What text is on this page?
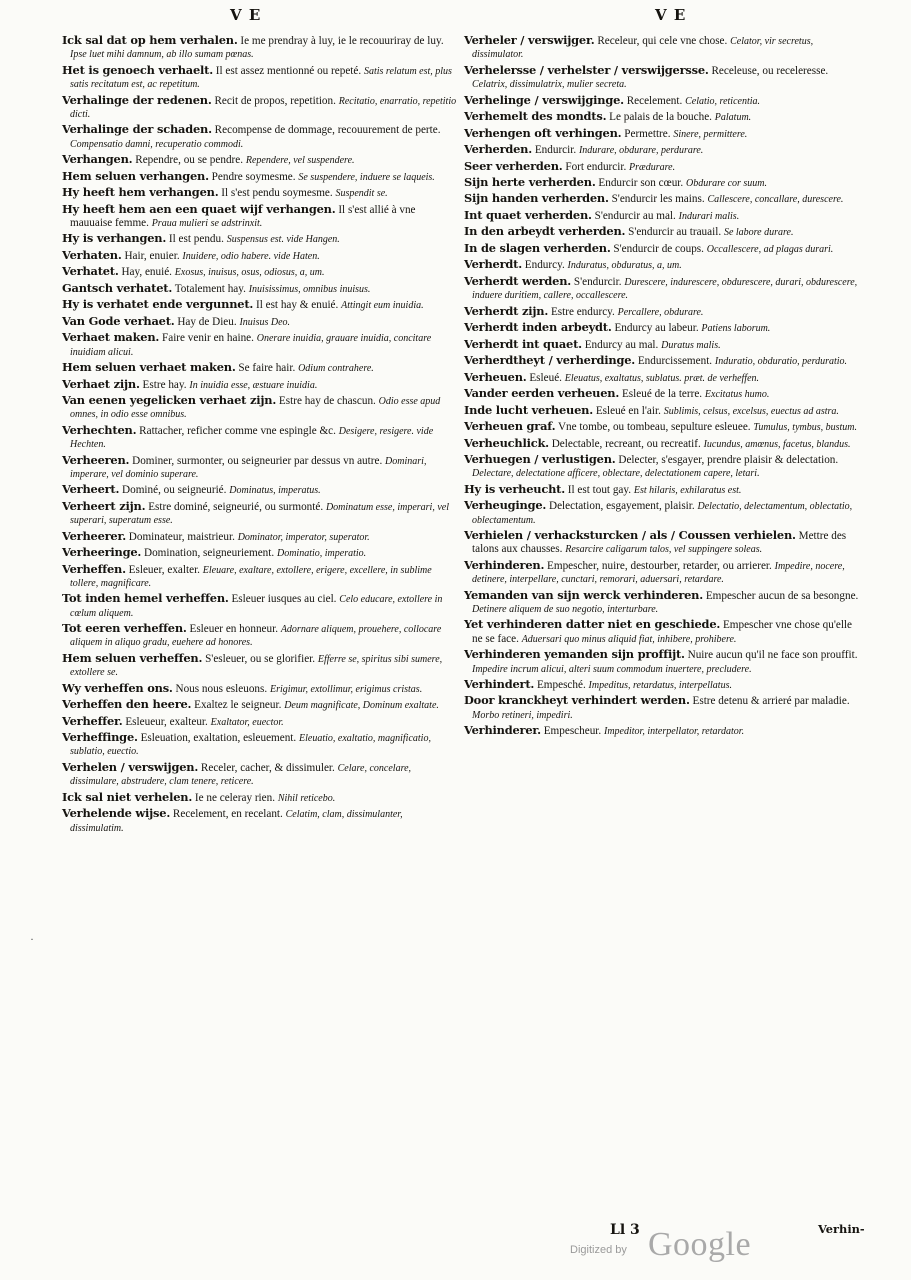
V E	V E
Ick sal dat op hem verhalen. Ie me prendray à luy, ie le recouuriray de luy. Ipse luet mihi damnum, ab illo sumam pœnas.
Het is genoech verhaelt. Il est assez mentionné ou repeté. Satis relatum est, plus satis recitatum est, ac repetitum.
Verhalinge der redenen. Recit de propos, repetition. Recitatio, enarratio, repetitio dicti.
Verhalinge der schaden. Recompense de dommage, recouurement de perte. Compensatio damni, recuperatio commodi.
Verhangen. Rependre, ou se pendre. Rependere, vel suspendere.
Hem seluen verhangen. Pendre soymesme. Se suspendere, induere se laqueis.
Hy heeft hem verhangen. Il s'est pendu soymesme. Suspendit se.
Hy heeft hem aen een quaet wijf verhangen. Il s'est allié à vne mauuaise femme. Praua mulieri se adstrinxit.
Hy is verhangen. Il est pendu. Suspensus est. vide Hangen.
Verhaten. Hair, enuier. Inuidere, odio habere. vide Haten.
Verhatet. Hay, enuié. Exosus, inuisus, osus, odiosus, a, um.
Gantsch verhatet. Totalement hay. Inuisissimus, omnibus inuisus.
Hy is verhatet ende vergunnet. Il est hay & enuié. Attingit eum inuidia.
Van Gode verhaet. Hay de Dieu. Inuisus Deo.
Verhaet maken. Faire venir en haine. Onerare inuidia, grauare inuidia, concitare inuidiam alicui.
Hem seluen verhaet maken. Se faire hair. Odium contrahere.
Verhaet zijn. Estre hay. In inuidia esse, æstuare inuidia.
Van eenen yegelicken verhaet zijn. Estre hay de chascun. Odio esse apud omnes, in odio esse omnibus.
Verhechten. Rattacher, reficher comme vne espingle &c. Desigere, resigere. vide Hechten.
Verheeren. Dominer, surmonter, ou seigneurier par dessus vn autre. Dominari, imperare, vel dominio superare.
Verheert. Dominé, ou seigneurié. Dominatus, imperatus.
Verheert zijn. Estre dominé, seigneurié, ou surmonté. Dominatum esse, imperari, vel superari, superatum esse.
Verheerer. Dominateur, maistrieur. Dominator, imperator, superator.
Verheeringe. Domination, seigneuriement. Dominatio, imperatio.
Verheffen. Esleuer, exalter. Eleuare, exaltare, extollere, erigere, excellere, in sublime tollere, magnificare.
Tot inden hemel verheffen. Esleuer iusques au ciel. Celo educare, extollere in cœlum aliquem.
Tot eeren verheffen. Esleuer en honneur. Adornare aliquem, prouehere, collocare aliquem in aliquo gradu, euehere ad honores.
Hem seluen verheffen. S'esleuer, ou se glorifier. Efferre se, spiritus sibi sumere, extollere se.
Wy verheffen ons. Nous nous esleuons. Erigimur, extollimur, erigimus cristas.
Verheffen den heere. Exaltez le seigneur. Deum magnificate, Dominum exaltate.
Verheffer. Esleueur, exalteur. Exaltator, euector.
Verheffinge. Esleuation, exaltation, esleuement. Eleuatio, exaltatio, magnificatio, sublatio, euectio.
Verhelen / verswijgen. Receler, cacher, & dissimuler. Celare, concelare, dissimulare, abstrudere, clam tenere, reticere.
Ick sal niet verhelen. Ie ne celeray rien. Nihil reticebo.
Verhelende wijse. Recelement, en recelant. Celatim, clam, dissimulanter, dissimulatim.
Verheler / verswijger. Receleur, qui cele vne chose. Celator, vir secretus, dissimulator.
Verhelersse / verhelster / verswijgersse. Receleuse, ou receleresse. Celatrix, dissimulatrix, mulier secreta.
Verhelinge / verswijginge. Recelement. Celatio, reticentia.
Verhemelt des mondts. Le palais de la bouche. Palatum.
Verhengen oft verhingen. Permettre. Sinere, permittere.
Verherden. Endurcir. Indurare, obdurare, perdurare.
Seer verherden. Fort endurcir. Prædurare.
Sijn herte verherden. Endurcir son cœur. Obdurare cor suum.
Sijn handen verherden. S'endurcir les mains. Callescere, concallare, durescere.
Int quaet verherden. S'endurcir au mal. Indurari malis.
In den arbeydt verherden. S'endurcir au trauail. Se labore durare.
In de slagen verherden. S'endurcir de coups. Occallescere, ad plagas durari.
Verherdt. Endurcy. Induratus, obduratus, a, um.
Verherdt werden. S'endurcir. Durescere, indurescere, obdurescere, durari, obdurescere, induere duritiem, callere, occallescere.
Verherdt zijn. Estre endurcy. Percallere, obdurare.
Verherdt inden arbeydt. Endurcy au labeur. Patiens laborum.
Verherdt int quaet. Endurcy au mal. Duratus malis.
Verherdtheyt / verherdinge. Endurcissement. Induratio, obduratio, perduratio.
Verheuen. Esleué. Eleuatus, exaltatus, sublatus. præt. de verheffen.
Vander eerden verheuen. Esleué de la terre. Excitatus humo.
Inde lucht verheuen. Esleué en l'air. Sublimis, celsus, excelsus, euectus ad astra.
Verheuen graf. Vne tombe, ou tombeau, sepulture esleuee. Tumulus, tymbus, bustum.
Verheuchlick. Delectable, recreant, ou recreatif. Iucundus, amœnus, facetus, blandus.
Verhuegen / verlustigen. Delecter, s'esgayer, prendre plaisir & delectation. Delectare, delectatione afficere, oblectare, delectationem capere, letari.
Hy is verheucht. Il est tout gay. Est hilaris, exhilaratus est.
Verheuginge. Delectation, esgayement, plaisir. Delectatio, delectamentum, oblectatio, oblectamentum.
Verhielen / verhacksturcken / als / Coussen verhielen. Mettre des talons aux chausses. Resarcire caligarum talos, vel suppingere soleas.
Verhinderen. Empescher, nuire, destourber, retarder, ou arrierer. Impedire, nocere, detinere, interpellare, cunctari, remorari, aduersari, retardare.
Yemanden van sijn werck verhinderen. Empescher aucun de sa besongne. Detinere aliquem de suo negotio, interturbare.
Yet verhinderen datter niet en geschiede. Empescher vne chose qu'elle ne se face. Aduersari quo minus aliquid fiat, inhibere, prohibere.
Verhinderen yemanden sijn proffijt. Nuire aucun qu'il ne face son prouffit. Impedire incrum alicui, alteri suum commodum inuertere, precludere.
Verhindert. Empesché. Impeditus, retardatus, interpellatus.
Door kranckheyt verhindert werden. Estre detenu & arrieré par maladie. Morbo retineri, impediri.
Verhinderer. Empescheur. Impeditor, interpellator, retardator.
·
Ll 3
Digitized by Google	Verhin-
